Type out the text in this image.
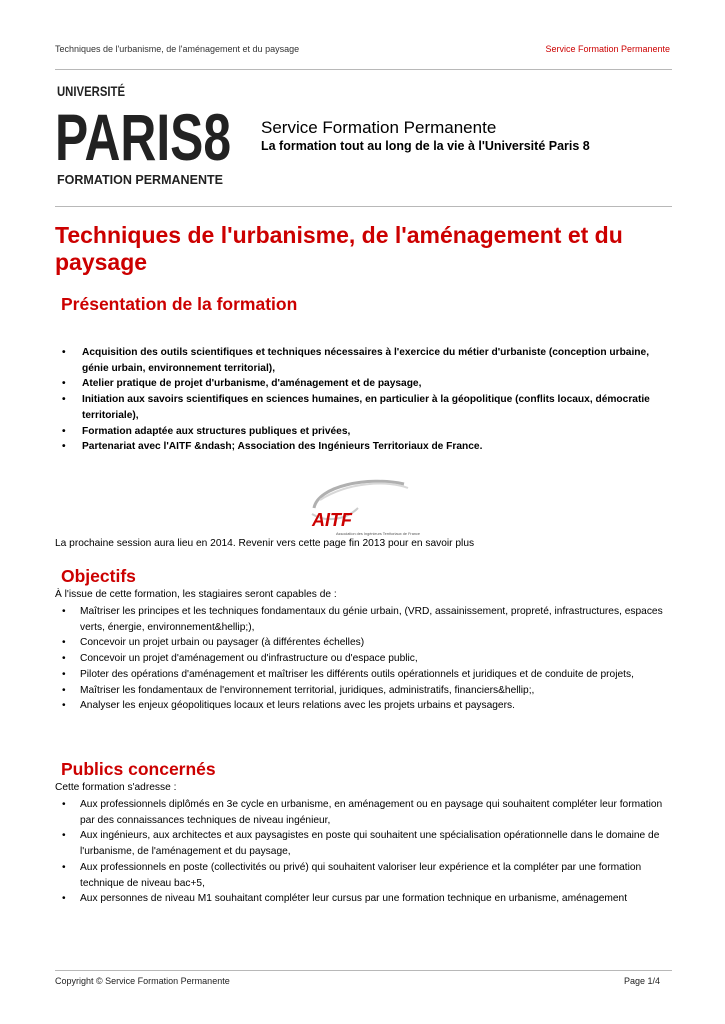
Techniques de l'urbanisme, de l'aménagement et du paysage	Service Formation Permanente
UNIVERSITÉ
PARIS8
FORMATION PERMANENTE

Service Formation Permanente

La formation tout au long de la vie à l'Université Paris 8

Techniques de l'urbanisme, de l'aménagement et du paysage
Présentation de la formation
• Acquisition des outils scientifiques et techniques nécessaires à l'exercice du métier d'urbaniste (conception urbaine, génie urbain, environnement territorial),
• Atelier pratique de projet d'urbanisme, d'aménagement et de paysage,
• Initiation aux savoirs scientifiques en sciences humaines, en particulier à la géopolitique (conflits locaux, démocratie territoriale),
• Formation adaptée aux structures publiques et privées,
• Partenariat avec l'AITF &ndash; Association des Ingénieurs Territoriaux de France.
AITF
Association des Ingénieurs Territoriaux de France

La prochaine session aura lieu en 2014. Revenir vers cette page fin 2013 pour en savoir plus

Objectifs

À l'issue de cette formation, les stagiaires seront capables de :

• Maîtriser les principes et les techniques fondamentaux du génie urbain, (VRD, assainissement, propreté, infrastructures, espaces verts, énergie, environnement&hellip;),
• Concevoir un projet urbain ou paysager (à différentes échelles)
• Concevoir un projet d'aménagement ou d'infrastructure ou d'espace public,
• Piloter des opérations d'aménagement et maîtriser les différents outils opérationnels et juridiques et de conduite de projets,
• Maîtriser les fondamentaux de l'environnement territorial, juridiques, administratifs, financiers&hellip;,
• Analyser les enjeux géopolitiques locaux et leurs relations avec les projets urbains et paysagers.
Publics concernés

Cette formation s'adresse :

• Aux professionnels diplômés en 3e cycle en urbanisme, en aménagement ou en paysage qui souhaitent compléter leur formation par des connaissances techniques de niveau ingénieur,
• Aux ingénieurs, aux architectes et aux paysagistes en poste qui souhaitent une spécialisation opérationnelle dans le domaine de l'urbanisme, de l'aménagement et du paysage,
• Aux professionnels en poste (collectivités ou privé) qui souhaitent valoriser leur expérience et la compléter par une formation technique de niveau bac+5,
• Aux personnes de niveau M1 souhaitant compléter leur cursus par une formation technique en urbanisme, aménagement
Copyright © Service Formation Permanente	Page 1/4
